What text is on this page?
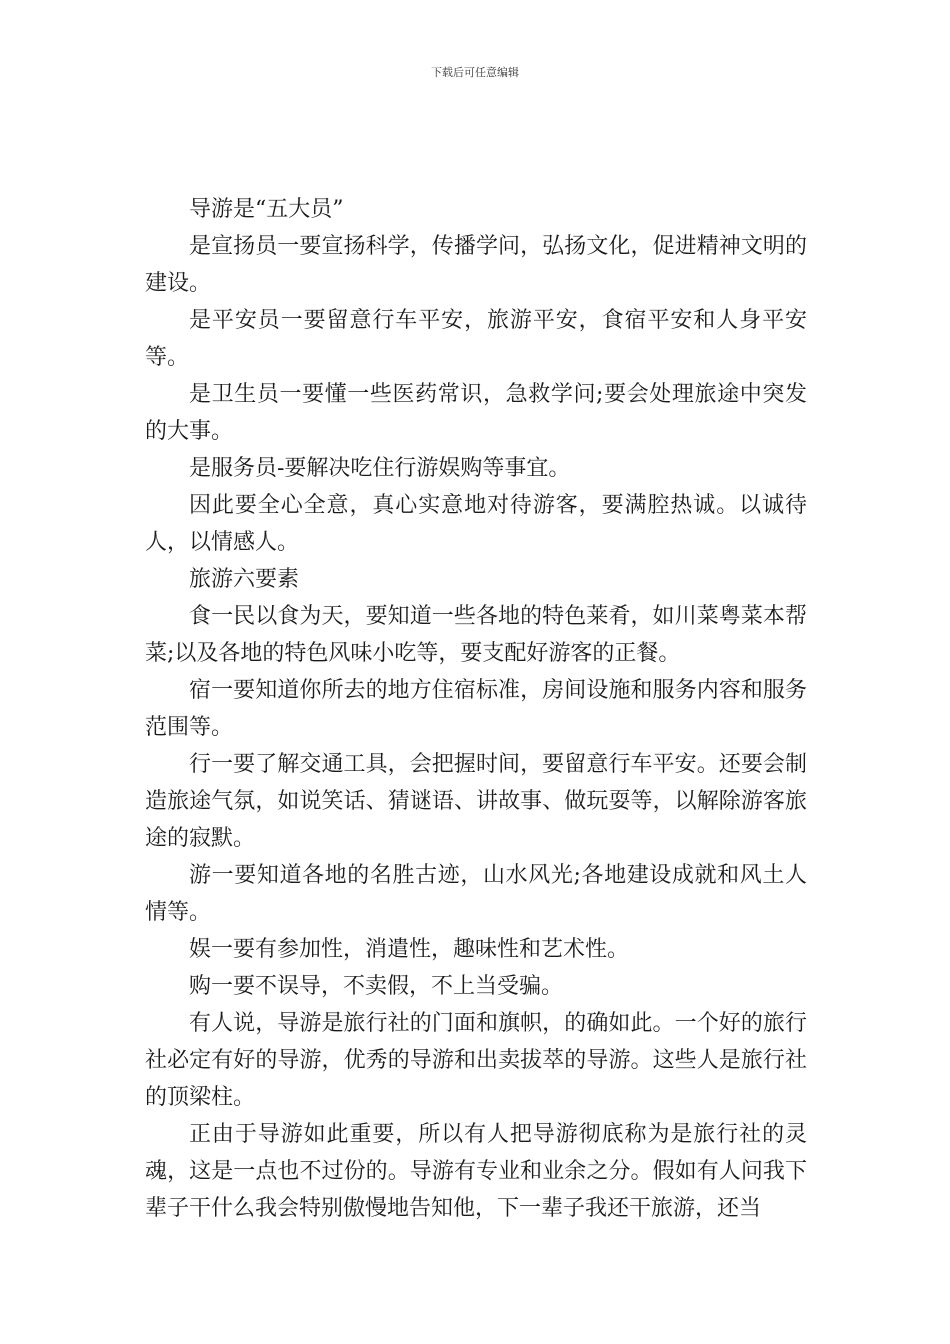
下载后可任意编辑

导游是“五大员”

是宣扬员一要宣扬科学，传播学问，弘扬文化，促进精神文明的建设。

是平安员一要留意行车平安，旅游平安，食宿平安和人身平安等。

是卫生员一要懂一些医药常识，急救学问;要会处理旅途中突发的大事。

是服务员-要解决吃住行游娱购等事宜。

因此要全心全意，真心实意地对待游客，要满腔热诚。以诚待人，以情感人。

旅游六要素

食一民以食为天，要知道一些各地的特色莱肴，如川菜粤菜本帮菜;以及各地的特色风味小吃等，要支配好游客的正餐。

宿一要知道你所去的地方住宿标准，房间设施和服务内容和服务范围等。

行一要了解交通工具，会把握时间，要留意行车平安。还要会制造旅途气氛，如说笑话、猜谜语、讲故事、做玩耍等，以解除游客旅途的寂默。

游一要知道各地的名胜古迹，山水风光;各地建设成就和风土人情等。

娱一要有参加性，消遣性，趣味性和艺术性。

购一要不误导，不卖假，不上当受骗。

有人说，导游是旅行社的门面和旗帜，的确如此。一个好的旅行社必定有好的导游，优秀的导游和出卖拔萃的导游。这些人是旅行社的顶梁柱。

正由于导游如此重要，所以有人把导游彻底称为是旅行社的灵魂，这是一点也不过份的。导游有专业和业余之分。假如有人问我下辈子干什么我会特别傲慢地告知他，下一辈子我还干旅游，还当
